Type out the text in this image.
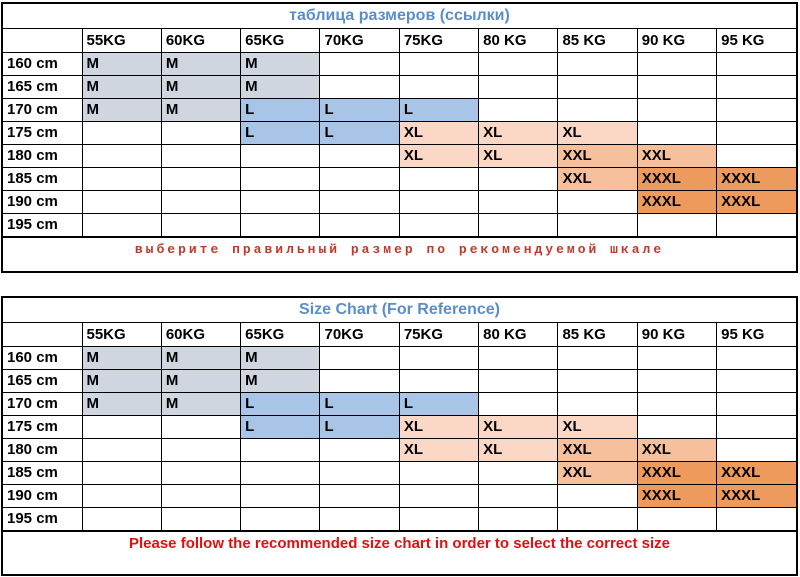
таблица размеров (ссылки)
	55KG	60KG	65KG	70KG	75KG	80 KG	85 KG	90 KG	95 KG
160 cm	M	M	M						
165 cm	M	M	M						
170 cm	M	M	L	L	L				
175 cm			L	L	XL	XL	XL		
180 cm					XL	XL	XXL	XXL	
185 cm							XXL	XXXL	XXXL
190 cm								XXXL	XXXL
195 cm									
выберите правильный размер по рекомендуемой шкале
Size Chart (For Reference)
	55KG	60KG	65KG	70KG	75KG	80 KG	85 KG	90 KG	95 KG
160 cm	M	M	M						
165 cm	M	M	M						
170 cm	M	M	L	L	L				
175 cm			L	L	XL	XL	XL		
180 cm					XL	XL	XXL	XXL	
185 cm							XXL	XXXL	XXXL
190 cm								XXXL	XXXL
195 cm									
Please follow the recommended size chart in order to select the correct size
